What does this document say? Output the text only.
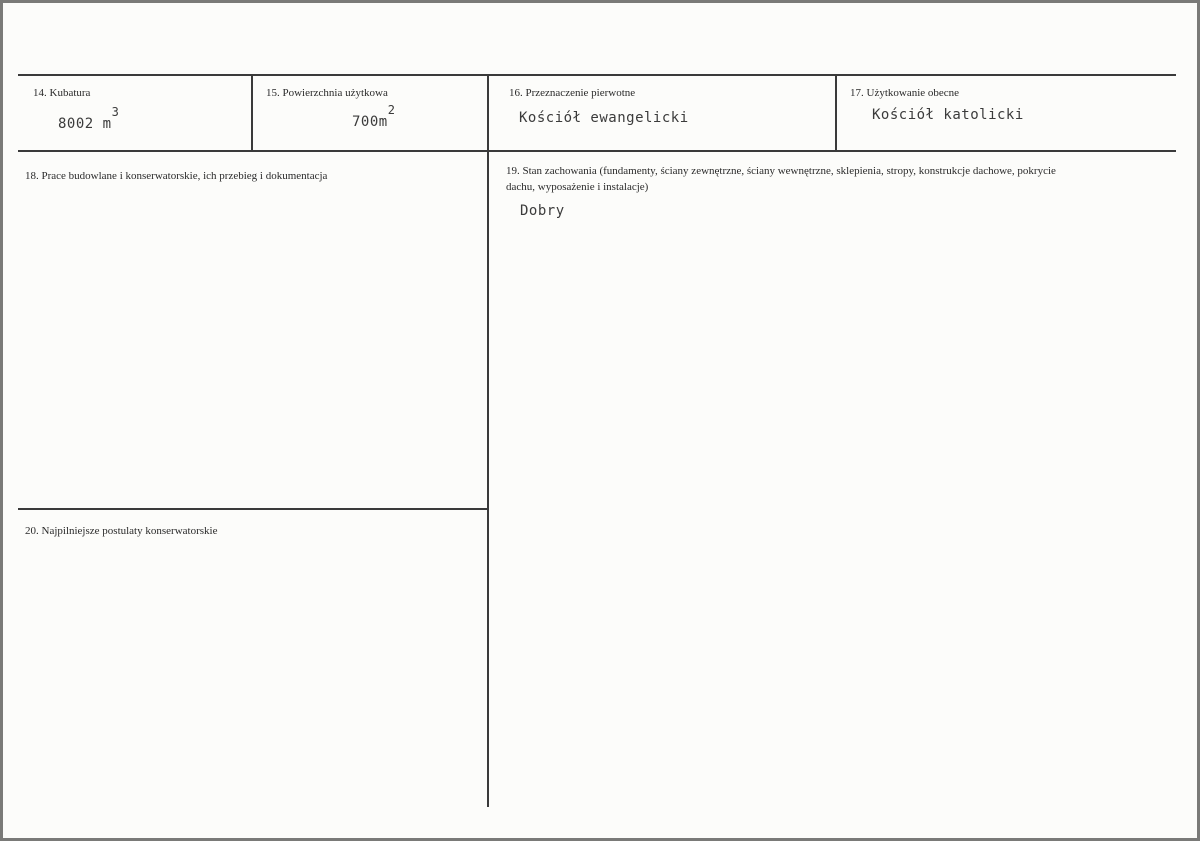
14. Kubatura
8002 m3
15. Powierzchnia użytkowa
700m2
16. Przeznaczenie pierwotne
Kościół ewangelicki
17. Użytkowanie obecne
Kościół katolicki
18. Prace budowlane i konserwatorskie, ich przebieg i dokumentacja	19. Stan zachowania (fundamenty, ściany zewnętrzne, ściany wewnętrzne, sklepienia, stropy, konstrukcje dachowe, pokrycie dachu, wyposażenie i instalacje)
Dobry
20. Najpilniejsze postulaty konserwatorskie
